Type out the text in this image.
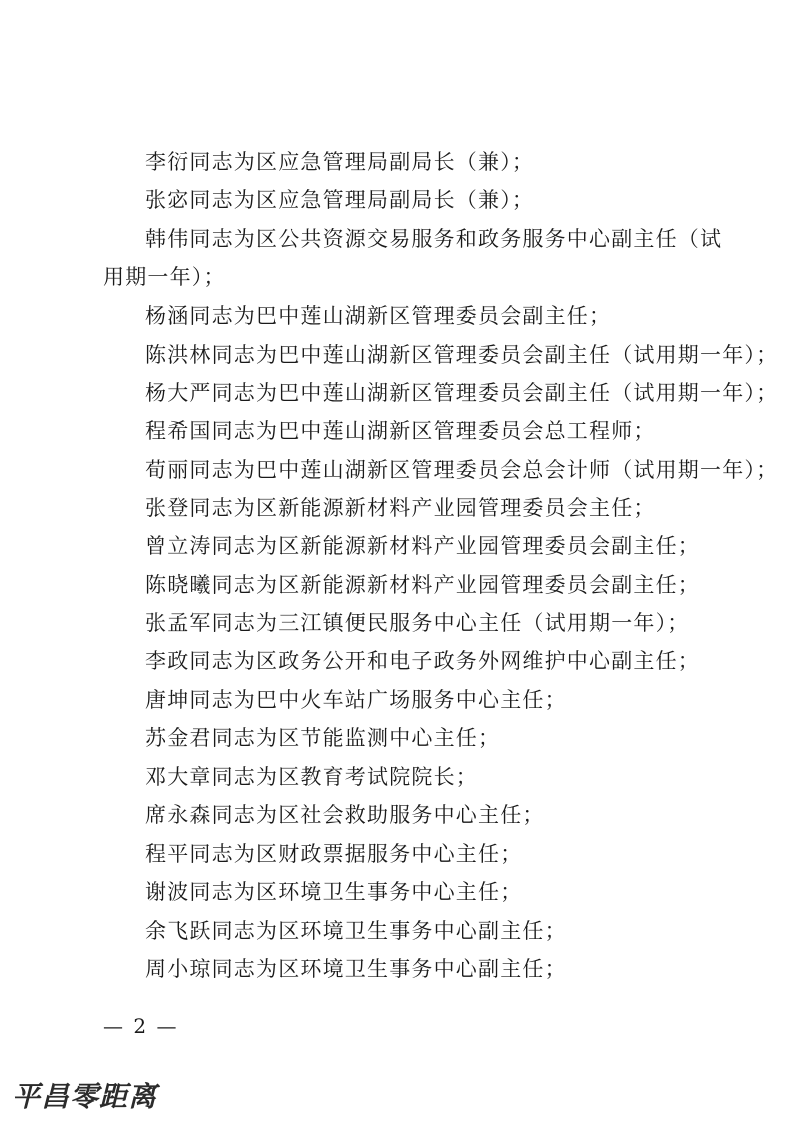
李衍同志为区应急管理局副局长（兼）；
张宓同志为区应急管理局副局长（兼）；
韩伟同志为区公共资源交易服务和政务服务中心副主任（试
用期一年）；
杨涵同志为巴中莲山湖新区管理委员会副主任；
陈洪林同志为巴中莲山湖新区管理委员会副主任（试用期一年）；
杨大严同志为巴中莲山湖新区管理委员会副主任（试用期一年）；
程希国同志为巴中莲山湖新区管理委员会总工程师；
荀丽同志为巴中莲山湖新区管理委员会总会计师（试用期一年）；
张登同志为区新能源新材料产业园管理委员会主任；
曾立涛同志为区新能源新材料产业园管理委员会副主任；
陈晓曦同志为区新能源新材料产业园管理委员会副主任；
张孟军同志为三江镇便民服务中心主任（试用期一年）；
李政同志为区政务公开和电子政务外网维护中心副主任；
唐坤同志为巴中火车站广场服务中心主任；
苏金君同志为区节能监测中心主任；
邓大章同志为区教育考试院院长；
席永森同志为区社会救助服务中心主任；
程平同志为区财政票据服务中心主任；
谢波同志为区环境卫生事务中心主任；
余飞跃同志为区环境卫生事务中心副主任；
周小琼同志为区环境卫生事务中心副主任；
— 2 —
平昌零距离
